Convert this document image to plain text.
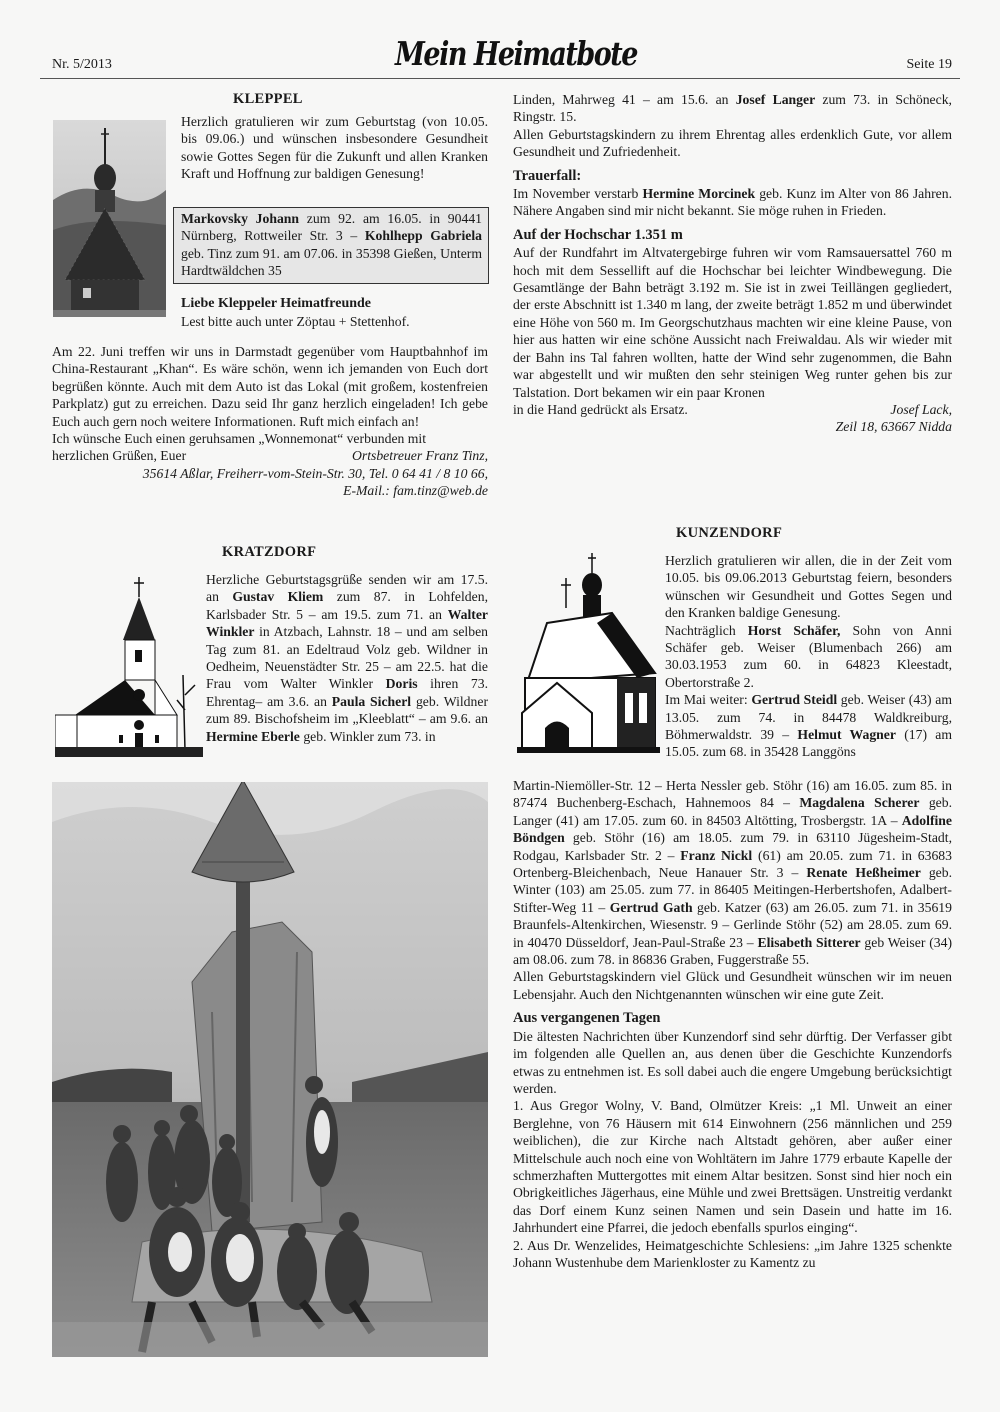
Nr. 5/2013	Mein Heimatbote	Seite 19
KLEPPEL
Herzlich gratulieren wir zum Geburtstag (von 10.05. bis 09.06.) und wünschen insbesondere Gesundheit sowie Gottes Segen für die Zukunft und allen Kranken Kraft und Hoffnung zur baldigen Genesung!
Markovsky Johann zum 92. am 16.05. in 90441 Nürnberg, Rottweiler Str. 3 – Kohlhepp Gabriela geb. Tinz zum 91. am 07.06. in 35398 Gießen, Unterm Hardtwäldchen 35
Liebe Kleppeler Heimatfreunde
Lest bitte auch unter Zöptau + Stettenhof.
Am 22. Juni treffen wir uns in Darmstadt gegenüber vom Hauptbahnhof im China-Restaurant „Khan“. Es wäre schön, wenn ich jemanden von Euch dort begrüßen könnte. Auch mit dem Auto ist das Lokal (mit großem, kostenfreien Parkplatz) gut zu erreichen. Dazu seid Ihr ganz herzlich eingeladen! Ich gebe Euch auch gern noch weitere Informationen. Ruft mich einfach an!

Ich wünsche Euch einen geruhsamen „Wonnemonat“ verbunden mit

herzlichen Grüßen, Euer	Ortsbetreuer Franz Tinz,

35614 Aßlar, Freiherr-vom-Stein-Str. 30, Tel. 0 64 41 / 8 10 66,

E-Mail.: fam.tinz@web.de

KRATZDORF
Herzliche Geburtstagsgrüße senden wir am 17.5. an Gustav Kliem zum 87. in Lohfelden, Karlsbader Str. 5 – am 19.5. zum 71. an Walter Winkler in Atzbach, Lahnstr. 18 – und am selben Tag zum 81. an Edeltraud Volz geb. Wildner in Oedheim, Neuenstädter Str. 25 – am 22.5. hat die Frau vom Walter Winkler Doris ihren 73. Ehrentag– am 3.6. an Paula Sicherl geb. Wildner zum 89. Bischofsheim im „Kleeblatt“ – am 9.6. an Hermine Eberle geb. Winkler zum 73. in
Linden, Mahrweg 41 – am 15.6. an Josef Langer zum 73. in Schöneck, Ringstr. 15.
Allen Geburtstagskindern zu ihrem Ehrentag alles erdenklich Gute, vor allem Gesundheit und Zufriedenheit.

Trauerfall:

Im November verstarb Hermine Morcinek geb. Kunz im Alter von 86 Jahren. Nähere Angaben sind mir nicht bekannt. Sie möge ruhen in Frieden.

Auf der Hochschar 1.351 m

Auf der Rundfahrt im Altvatergebirge fuhren wir vom Ramsauersattel 760 m hoch mit dem Sessellift auf die Hochschar bei leichter Windbewegung. Die Gesamtlänge der Bahn beträgt 3.192 m. Sie ist in zwei Teillängen gegliedert, der erste Abschnitt ist 1.340 m lang, der zweite beträgt 1.852 m und überwindet eine Höhe von 560 m. Im Georgschutzhaus machten wir eine kleine Pause, von hier aus hatten wir eine schöne Aussicht nach Freiwaldau. Als wir wieder mit der Bahn ins Tal fahren wollten, hatte der Wind sehr zugenommen, die Bahn war abgestellt und wir mußten den sehr steinigen Weg runter gehen bis zur Talstation. Dort bekamen wir ein paar Kronen
in die Hand gedrückt als Ersatz.	Josef Lack,

Zeil 18, 63667 Nidda

KUNZENDORF
Herzlich gratulieren wir allen, die in der Zeit vom 10.05. bis 09.06.2013 Geburtstag feiern, besonders wünschen wir Gesundheit und Gottes Segen und den Kranken baldige Genesung.
Nachträglich Horst Schäfer, Sohn von Anni Schäfer geb. Weiser (Blumenbach 266) am 30.03.1953 zum 60. in 64823 Kleestadt, Obertorstraße 2.
Im Mai weiter: Gertrud Steidl geb. Weiser (43) am 13.05. zum 74. in 84478 Waldkreiburg, Böhmerwaldstr. 39 – Helmut Wagner (17) am 15.05. zum 68. in 35428 Langgöns
Martin-Niemöller-Str. 12 – Herta Nessler geb. Stöhr (16) am 16.05. zum 85. in 87474 Buchenberg-Eschach, Hahnemoos 84 – Magdalena Scherer geb. Langer (41) am 17.05. zum 60. in 84503 Altötting, Trosbergstr. 1A – Adolfine Böndgen geb. Stöhr (16) am 18.05. zum 79. in 63110 Jügesheim-Stadt, Rodgau, Karlsbader Str. 2 – Franz Nickl (61) am 20.05. zum 71. in 63683 Ortenberg-Bleichenbach, Neue Hanauer Str. 3 – Renate Heßheimer geb. Winter (103) am 25.05. zum 77. in 86405 Meitingen-Herbertshofen, Adalbert-Stifter-Weg 11 – Gertrud Gath geb. Katzer (63) am 26.05. zum 71. in 35619 Braunfels-Altenkirchen, Wiesenstr. 9 – Gerlinde Stöhr (52) am 28.05. zum 69. in 40470 Düsseldorf, Jean-Paul-Straße 23 – Elisabeth Sitterer geb Weiser (34) am 08.06. zum 78. in 86836 Graben, Fuggerstraße 55.
Allen Geburtstagskindern viel Glück und Gesundheit wünschen wir im neuen Lebensjahr. Auch den Nichtgenannten wünschen wir eine gute Zeit.

Aus vergangenen Tagen

Die ältesten Nachrichten über Kunzendorf sind sehr dürftig. Der Verfasser gibt im folgenden alle Quellen an, aus denen über die Geschichte Kunzendorfs etwas zu entnehmen ist. Es soll dabei auch die engere Umgebung berücksichtigt werden.
1. Aus Gregor Wolny, V. Band, Olmützer Kreis: „1 Ml. Unweit an einer Berglehne, von 76 Häusern mit 614 Einwohnern (256 männlichen und 259 weiblichen), die zur Kirche nach Altstadt gehören, aber außer einer Mittelschule auch noch eine von Wohltätern im Jahre 1779 erbaute Kapelle der schmerzhaften Muttergottes mit einem Altar besitzen. Sonst sind hier noch ein Obrigkeitliches Jägerhaus, eine Mühle und zwei Brettsägen. Unstreitig verdankt das Dorf einem Kunz seinen Namen und sein Dasein und hatte im 16. Jahrhundert eine Pfarrei, die jedoch ebenfalls spurlos einging“.
2. Aus Dr. Wenzelides, Heimatgeschichte Schlesiens: „im Jahre 1325 schenkte Johann Wustenhube dem Marienkloster zu Kamentz zu
